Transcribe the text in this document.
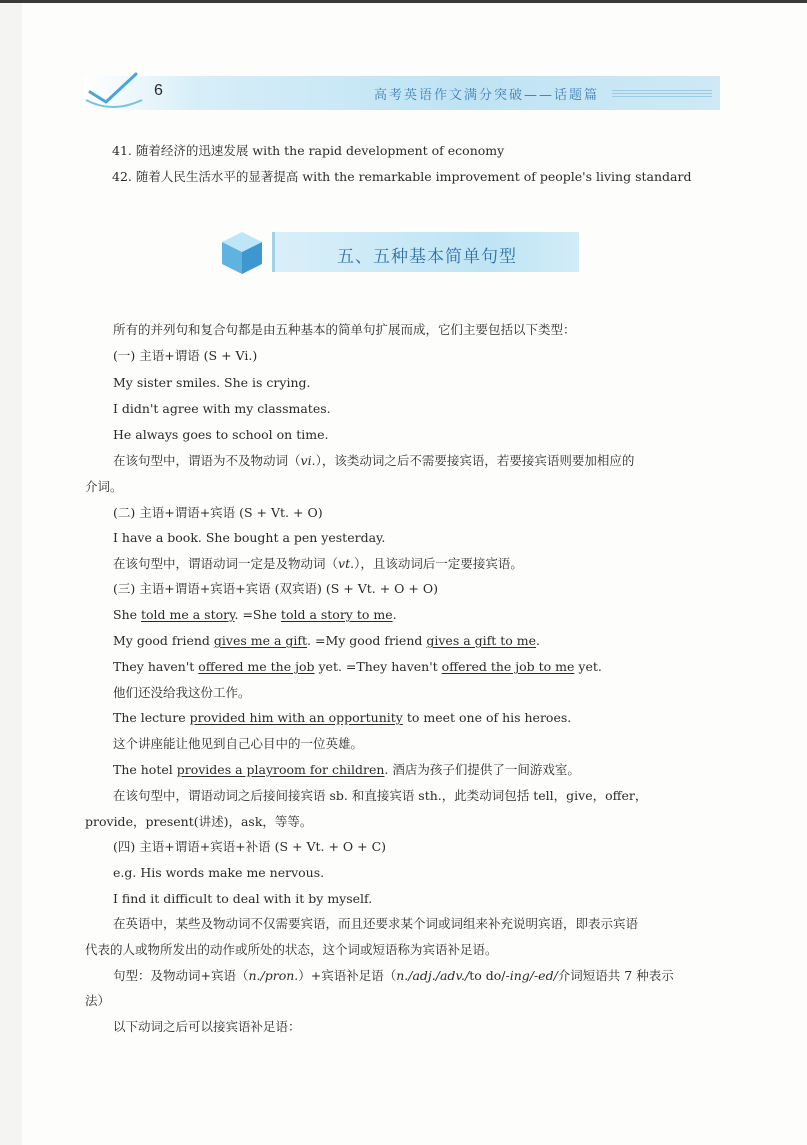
6	高考英语作文满分突破——话题篇
41. 随着经济的迅速发展 with the rapid development of economy
42. 随着人民生活水平的显著提高 with the remarkable improvement of people's living standard
五、五种基本简单句型
所有的并列句和复合句都是由五种基本的简单句扩展而成，它们主要包括以下类型：
(一) 主语+谓语 (S + Vi.)
My sister smiles. She is crying.
I didn't agree with my classmates.
He always goes to school on time.
在该句型中，谓语为不及物动词（vi.），该类动词之后不需要接宾语，若要接宾语则要加相应的
介词。
(二) 主语+谓语+宾语 (S + Vt. + O)
I have a book. She bought a pen yesterday.
在该句型中，谓语动词一定是及物动词（vt.），且该动词后一定要接宾语。
(三) 主语+谓语+宾语+宾语 (双宾语) (S + Vt. + O + O)
She told me a story. =She told a story to me.
My good friend gives me a gift. =My good friend gives a gift to me.
They haven't offered me the job yet. =They haven't offered the job to me yet.
他们还没给我这份工作。
The lecture provided him with an opportunity to meet one of his heroes.
这个讲座能让他见到自己心目中的一位英雄。
The hotel provides a playroom for children. 酒店为孩子们提供了一间游戏室。
在该句型中，谓语动词之后接间接宾语 sb. 和直接宾语 sth.，此类动词包括 tell，give，offer，
provide，present(讲述)，ask，等等。
(四) 主语+谓语+宾语+补语 (S + Vt. + O + C)
e.g. His words make me nervous.
I find it difficult to deal with it by myself.
在英语中，某些及物动词不仅需要宾语，而且还要求某个词或词组来补充说明宾语，即表示宾语
代表的人或物所发出的动作或所处的状态，这个词或短语称为宾语补足语。
句型：及物动词+宾语（n./pron.）+宾语补足语（n./adj./adv./to do/-ing/-ed/介词短语共 7 种表示
法）
以下动词之后可以接宾语补足语：
